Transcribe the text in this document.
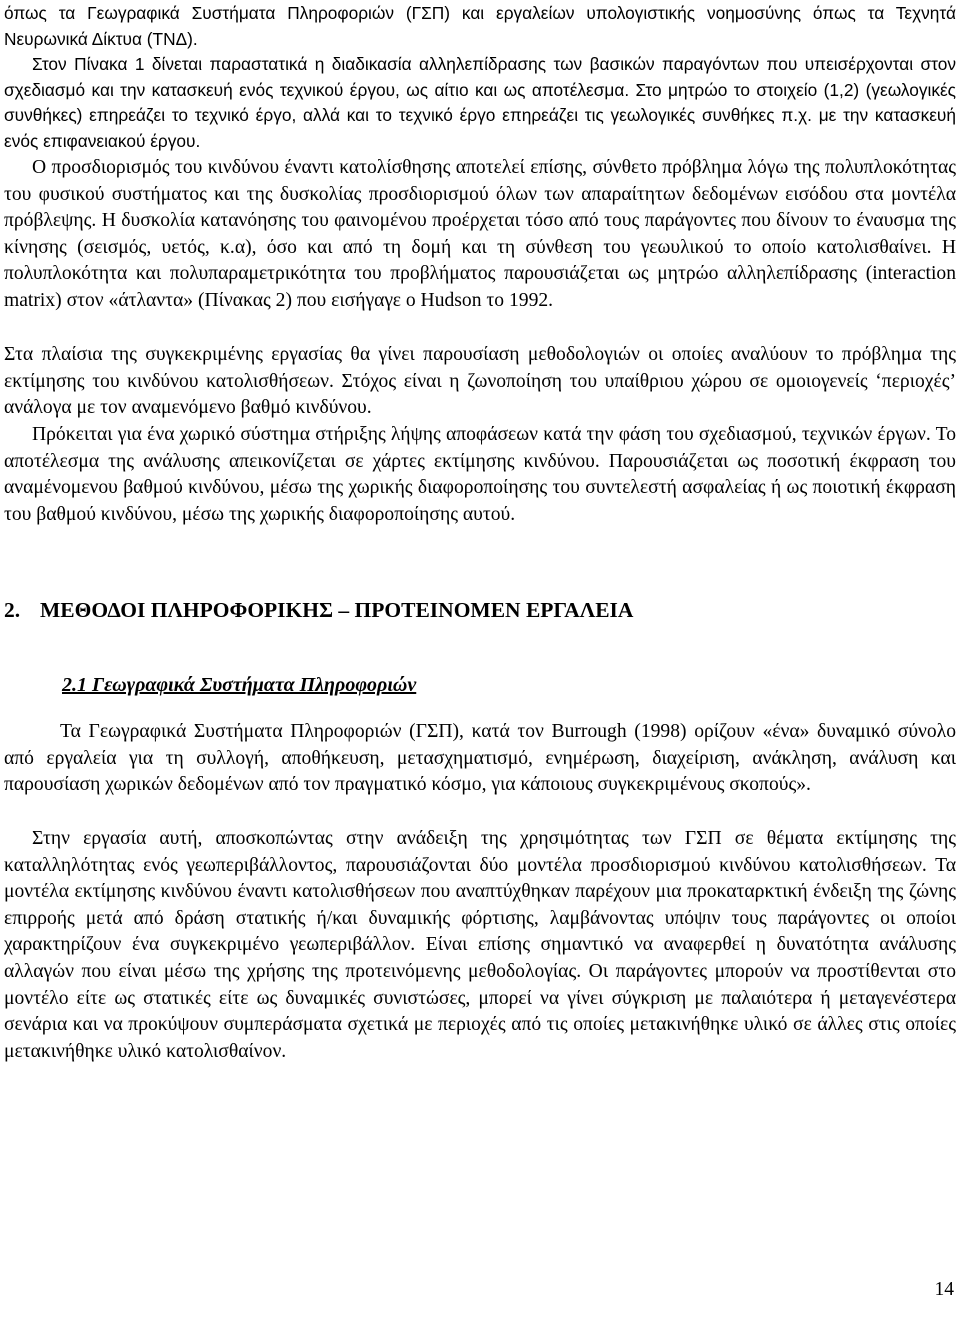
όπως τα Γεωγραφικά Συστήματα Πληροφοριών (ΓΣΠ) και εργαλείων υπολογιστικής νοημοσύνης όπως τα Τεχνητά Νευρωνικά Δίκτυα (ΤΝΔ).

Στον Πίνακα 1 δίνεται παραστατικά η διαδικασία αλληλεπίδρασης των βασικών παραγόντων που υπεισέρχονται στον σχεδιασμό και την κατασκευή ενός τεχνικού έργου, ως αίτιο και ως αποτέλεσμα. Στο μητρώο το στοιχείο (1,2) (γεωλογικές συνθήκες) επηρεάζει το τεχνικό έργο, αλλά και το τεχνικό έργο επηρεάζει τις γεωλογικές συνθήκες π.χ. με την κατασκευή ενός επιφανειακού έργου.

Ο προσδιορισμός του κινδύνου έναντι κατολίσθησης αποτελεί επίσης, σύνθετο πρόβλημα λόγω της πολυπλοκότητας του φυσικού συστήματος και της δυσκολίας προσδιορισμού όλων των απαραίτητων δεδομένων εισόδου στα μοντέλα πρόβλεψης. Η δυσκολία κατανόησης του φαινομένου προέρχεται τόσο από τους παράγοντες που δίνουν το έναυσμα της κίνησης (σεισμός, υετός, κ.α), όσο και από τη δομή και τη σύνθεση του γεωυλικού το οποίο κατολισθαίνει. Η πολυπλοκότητα και πολυπαραμετρικότητα του προβλήματος παρουσιάζεται ως μητρώο αλληλεπίδρασης (interaction matrix) στον «άτλαντα» (Πίνακας 2) που εισήγαγε ο Hudson το 1992.

Στα πλαίσια της συγκεκριμένης εργασίας θα γίνει παρουσίαση μεθοδολογιών οι οποίες αναλύουν το πρόβλημα της εκτίμησης του κινδύνου κατολισθήσεων. Στόχος είναι η ζωνοποίηση του υπαίθριου χώρου σε ομοιογενείς ‘περιοχές’ ανάλογα με τον αναμενόμενο βαθμό κινδύνου.

Πρόκειται για ένα χωρικό σύστημα στήριξης λήψης αποφάσεων κατά την φάση του σχεδιασμού, τεχνικών έργων. Το αποτέλεσμα της ανάλυσης απεικονίζεται σε χάρτες εκτίμησης κινδύνου. Παρουσιάζεται ως ποσοτική έκφραση του αναμένομενου βαθμού κινδύνου, μέσω της χωρικής διαφοροποίησης του συντελεστή ασφαλείας ή ως ποιοτική έκφραση του βαθμού κινδύνου, μέσω της χωρικής διαφοροποίησης αυτού.

2. ΜΕΘΟΔΟΙ ΠΛΗΡΟΦΟΡΙΚΗΣ – ΠΡΟΤΕΙΝΟΜΕΝ ΕΡΓΑΛΕΙΑ
2.1 Γεωγραφικά Συστήματα Πληροφοριών

Τα Γεωγραφικά Συστήματα Πληροφοριών (ΓΣΠ), κατά τον Burrough (1998) ορίζουν «ένα» δυναμικό σύνολο από εργαλεία για τη συλλογή, αποθήκευση, μετασχηματισμό, ενημέρωση, διαχείριση, ανάκληση, ανάλυση και παρουσίαση χωρικών δεδομένων από τον πραγματικό κόσμο, για κάποιους συγκεκριμένους σκοπούς».

Στην εργασία αυτή, αποσκοπώντας στην ανάδειξη της χρησιμότητας των ΓΣΠ σε θέματα εκτίμησης της καταλληλότητας ενός γεωπεριβάλλοντος, παρουσιάζονται δύο μοντέλα προσδιορισμού κινδύνου κατολισθήσεων. Τα μοντέλα εκτίμησης κινδύνου έναντι κατολισθήσεων που αναπτύχθηκαν παρέχουν μια προκαταρκτική ένδειξη της ζώνης επιρροής μετά από δράση στατικής ή/και δυναμικής φόρτισης, λαμβάνοντας υπόψιν τους παράγοντες οι οποίοι χαρακτηρίζουν ένα συγκεκριμένο γεωπεριβάλλον. Είναι επίσης σημαντικό να αναφερθεί η δυνατότητα ανάλυσης αλλαγών που είναι μέσω της χρήσης της προτεινόμενης μεθοδολογίας. Οι παράγοντες μπορούν να προστίθενται στο μοντέλο είτε ως στατικές είτε ως δυναμικές συνιστώσες, μπορεί να γίνει σύγκριση με παλαιότερα ή μεταγενέστερα σενάρια και να προκύψουν συμπεράσματα σχετικά με περιοχές από τις οποίες μετακινήθηκε υλικό σε άλλες στις οποίες μετακινήθηκε υλικό κατολισθαίνον.

14
